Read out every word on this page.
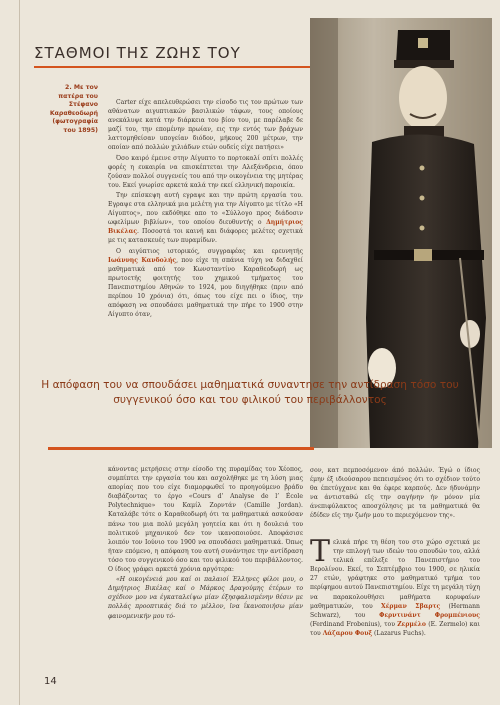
ΣΤΑΘΜΟΙ ΤΗΣ ΖΩΗΣ ΤΟΥ
2. Με τον πατέρα του Στέφανο Καραθεοδωρή (φωτογραφία του 1895)

Carter είχε απελευθερώσει την είσοδο τις τον πρώτων των αθάνατων αιγυπτιακών βασιλικών τάφων, τους οποίους ανεκάλυψε κατά την διάρκεια του βίου του, με παρέλαβε δε μαζί του, την επομένην πρωίαν, εις την εντός των βράχων λαττομηθείσαν υπογείαν διόδον, μήκους 200 μέτρων, την οποίαν από πολλών χιλιάδων ετών ουδείς είχε πατήσει»

Όσο καιρό έμεινε στην Αίγυπτο το πορτοκαλί σπίτι πολλές φορές η ευκαιρία να επισκέπτεται την Αλεξάνδρεια, όπου ζούσαν πολλοί συγγενείς του από την οικογένεια της μητέρας του. Εκεί γνωρίσε αρκετά καλά την εκεί ελληνική παροικία.

Την επίσκεψη αυτή εγραψε και την πρώτη εργασία του. Εγραψε στα ελληνικά μια μελέτη για την Αίγυπτο με τίτλο «Η Αίγυπτος», που εκδόθηκε απο το «Σύλλογο προς διάδοσιν ωφελίμων βιβλίων», του οποίου διευθυντής ο Δημήτριος Βικέλας. Ποσοστά τοι καινή και διάφορες μελέτες σχετικά με τις κατασκευές των πυραμίδων.

Ο αιγύπτιος ιστορικός, συγγραφέας και ερευνητής Ιωάννης Κανδολής, που είχε τη σπάνια τύχη να διδαχθεί μαθηματικά από τον Κωνσταντίνο Καραθεοδωρή ως πρωτοετής φοιτητής του χημικού τμήματος του Πανεπιστημίου Αθηνών το 1924, μου διηγήθηκε (πριν από περίπου 10 χρόνια) ότι, όπως του είχε πει ο ίδιος, την απόφαση να σπουδάσει μαθηματικά την πήρε το 1900 στην Αίγυπτο όταν,

Η απόφαση του να σπουδάσει μαθηματικά συναντησε την αντίδραση τόσο του συγγενικού όσο και του φιλικού του περιβάλλοντος

κάνοντας μετρήσεις στην είσοδο της πυραμίδας του Χέοπος, συμπίπτει την εργασία του και ασχολήθηκε με τη λύση μιας απορίας που του είχε διαμορφωθεί το προηγούμενο βράδυ διαβάζοντας το έργο «Cours d’ Analyse de l’ École Polytechnique» του Καμίλ Ζορντάν (Camille Jordan). Καταλάβε τότε ο Καραθεοδωρή ότι τα μαθηματικά ασκούσαν πάνω του μια πολύ μεγάλη γοητεία και ότι η δουλειά του πολιτικού μηχανικού δεν τον ικανοποιούσε. Αποφάσισε λοιπόν τον Ιούνιο του 1900 να σπουδάσει μαθηματικά. Όπως ήταν επόμενο, η απόφαση του αυτή συνάντησε την αντίδραση τόσο του συγγενικού όσο και του φιλικού του περιβάλλοντος. Ο ίδιος γράφει αρκετά χρόνια αργότερα:

«Η οικογένειά μου καί οι παλαιοί Έλληνες φίλοι μου, ο Δημήτριος Βικέλας καί ο Μάρκος Δραγούμης έτέρων το σχέδιον μου να έγκαταλείψω μίαν έξησφαλισμένην θέσιν με πολλάς προοπτικάς διά το μέλλον, ϊνα ΐκανοποιήσω μίαν φαινομενικήν μου τό-

σον, κατ πεμποσόμενον άπό πολλών. Έγώ ο ίδιος έμην έξ ιδιούσαρου πεπεισμένος ότι το σχέδιον τούτο θα έπετύγχανε και θα έφερε καρπούς. Δεν ήδυνάμην να άντισταθώ εϊς την σαγήνην ήν μόνον μία άνεπιφύλακτος αποσχόλησις με τα μαθηματικά θα έδίδεν εϊς την ζωήν μου το περιεχόμενον της».

Τελικά πήρε τη θέση του στο χώρο σχετικά με την επιλογή των ιδεών του σπουδών του, αλλά τελικά επέλεξε το Πανεπιστήμιο του Βερολίνου. Εκεί, το Σεπτέμβριο του 1900, σε ηλικία 27 ετών, γράφτηκε στο μαθηματικό τμήμα του περίφημου αυτού Πανεπιστημίου. Είχε τη μεγάλη τύχη να παρακολουθήσει μαθήματα κορυφαίων μαθηματικών, του Χέρμαν Σβαρτς (Hermann Schwarz), του Φερντινάντ Φρομπένιους (Ferdinand Frobenius), του Ζερμέλο (E. Zermelo) και του Λάζαρου Φουξ (Lazarus Fuchs).

14
